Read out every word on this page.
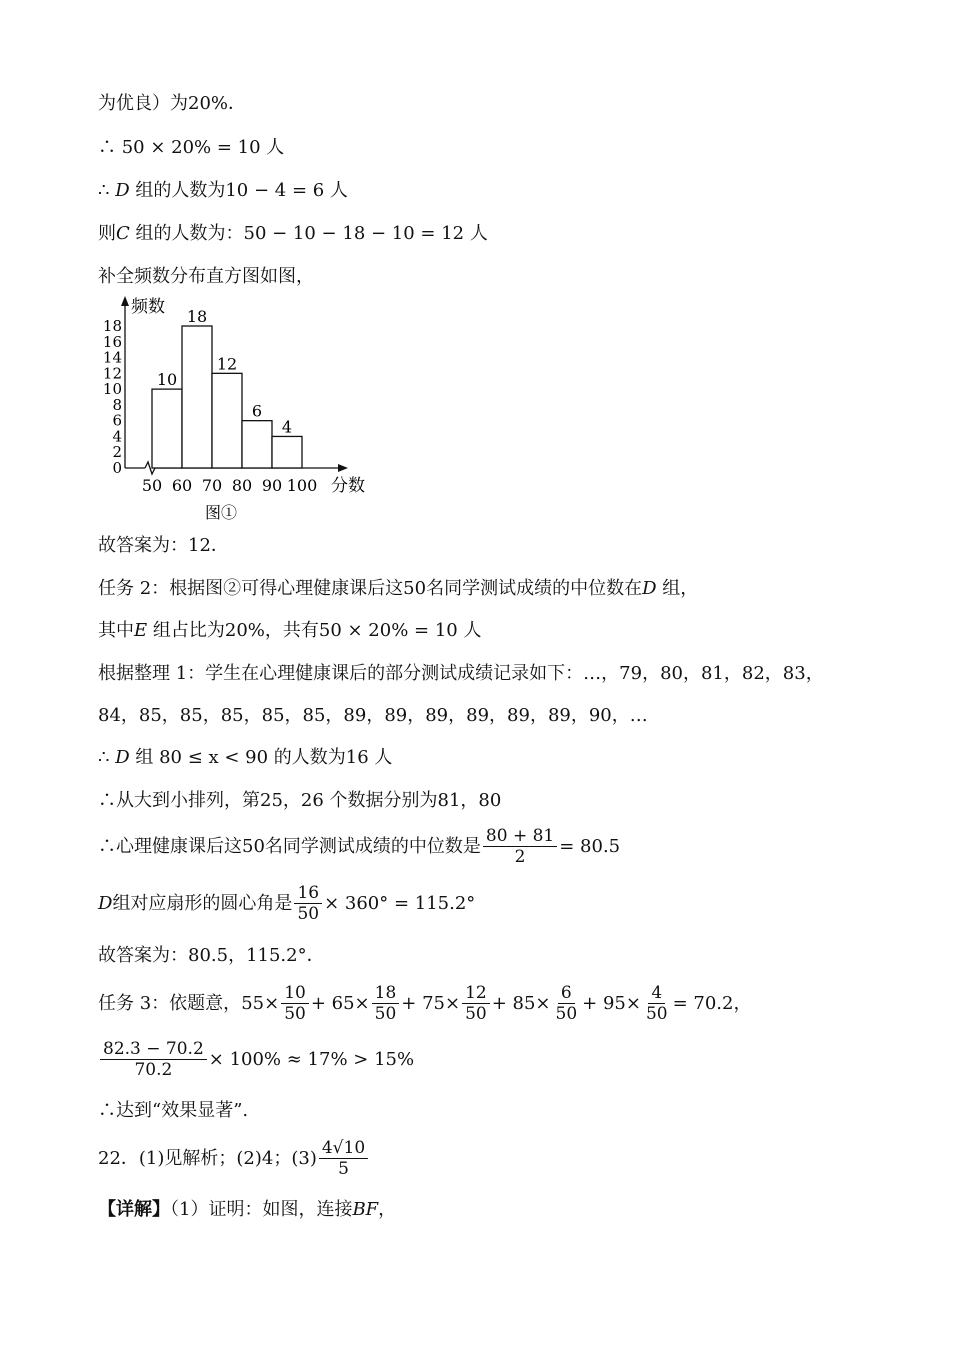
为优良）为20%．
∴ 50 × 20% = 10 人
∴ D 组的人数为10 − 4 = 6 人
则C 组的人数为：50 − 10 − 18 − 10 = 12 人
补全频数分布直方图如图，
频数
分数
0
2
4
6
8
10
12
14
16
18
50 60 70 80 90 100
10
18
12
6
4
图①
故答案为：12．
任务 2：根据图②可得心理健康课后这50名同学测试成绩的中位数在D 组，
其中E 组占比为20%，共有50 × 20% = 10 人
根据整理 1：学生在心理健康课后的部分测试成绩记录如下：…，79，80，81，82，83，
84，85，85，85，85，85，89，89，89，89，89，89，90，…
∴ D 组 80 ≤ x < 90 的人数为16 人
∴从大到小排列，第25，26 个数据分别为81，80
∴心理健康课后这50名同学测试成绩的中位数是 $\frac{80 + 81}{2} = 80.5$
D 组对应扇形的圆心角是 $\frac{16}{50} \times 360^\circ = 115.2^\circ$
故答案为：80.5，115.2°．
任务 3：依题意， $55\times \frac{10}{50} + 65\times \frac{18}{50} + 75\times \frac{12}{50} + 85\times \frac{6}{50} + 95\times \frac{4}{50} = 70.2$，
$\frac{82.3 - 70.2}{70.2} \times 100\% \approx 17\% > 15\%$
∴达到“效果显著”.
22．(1)见解析；(2)4；$(3) \frac{4√10}{5}$
【详解】（1）证明：如图，连接BF，
